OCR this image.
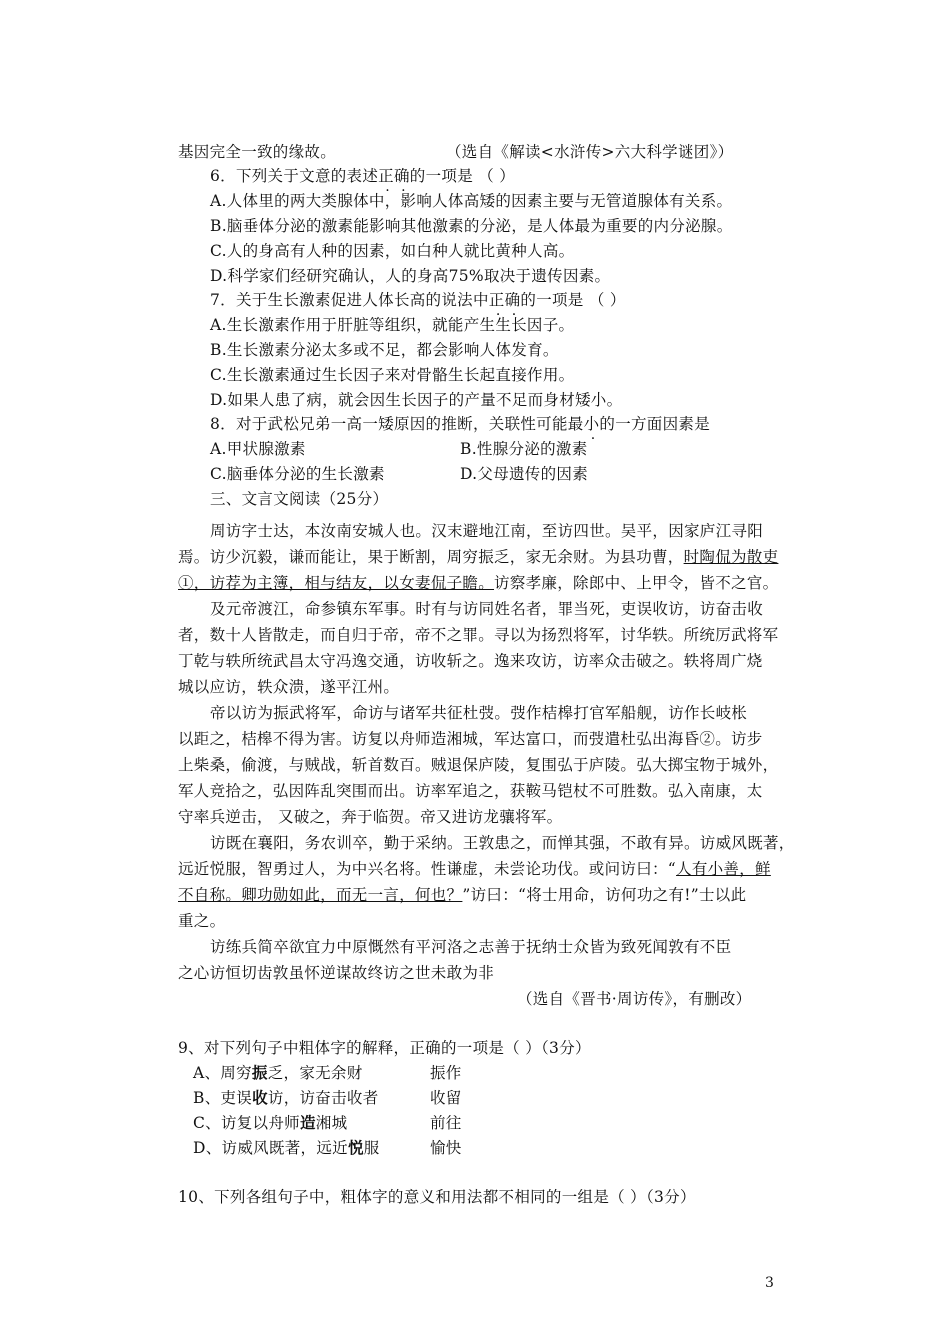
基因完全一致的缘故。	（选自《解读<水浒传>六大科学谜团》）
6．下列关于文意的表述正确的一项是 （ ）
A.人体里的两大类腺体中，影响人体高矮的因素主要与无管道腺体有关系。
B.脑垂体分泌的激素能影响其他激素的分泌，是人体最为重要的内分泌腺。
C.人的身高有人种的因素，如白种人就比黄种人高。
D.科学家们经研究确认，人的身高75%取决于遗传因素。
7．关于生长激素促进人体长高的说法中正确的一项是 （ ）
A.生长激素作用于肝脏等组织，就能产生生长因子。
B.生长激素分泌太多或不足，都会影响人体发育。
C.生长激素通过生长因子来对骨骼生长起直接作用。
D.如果人患了病，就会因生长因子的产量不足而身材矮小。
8．对于武松兄弟一高一矮原因的推断，关联性可能最小的一方面因素是
A.甲状腺激素	B.性腺分泌的激素
C.脑垂体分泌的生长激素	D.父母遗传的因素
三、文言文阅读（25分）
周访字士达，本汝南安城人也。汉末避地江南，至访四世。吴平，因家庐江寻阳
焉。访少沉毅，谦而能让，果于断割，周穷振乏，家无余财。为县功曹，时陶侃为散吏
①，访荐为主簿，相与结友，以女妻侃子瞻。访察孝廉，除郎中、上甲令，皆不之官。
及元帝渡江，命参镇东军事。时有与访同姓名者，罪当死，吏误收访，访奋击收
者，数十人皆散走，而自归于帝，帝不之罪。寻以为扬烈将军，讨华轶。所统厉武将军
丁乾与轶所统武昌太守冯逸交通，访收斩之。逸来攻访，访率众击破之。轶将周广烧
城以应访，轶众溃，遂平江州。
帝以访为振武将军，命访与诸军共征杜弢。弢作桔槔打官军船舰，访作长岐枨
以距之，桔槔不得为害。访复以舟师造湘城，军达富口，而弢遣杜弘出海昏②。访步
上柴桑，偷渡，与贼战，斩首数百。贼退保庐陵，复围弘于庐陵。弘大掷宝物于城外，
军人竞拾之，弘因阵乱突围而出。访率军追之，获鞍马铠杖不可胜数。弘入南康，太
守率兵逆击， 又破之，奔于临贺。帝又进访龙骧将军。
访既在襄阳，务农训卒，勤于采纳。王敦患之，而惮其强，不敢有异。访威风既著，
远近悦服，智勇过人，为中兴名将。性谦虚，未尝论功伐。或问访曰：“人有小善，鲜
不自称。卿功勋如此，而无一言，何也？”访曰：“将士用命，访何功之有!”士以此
重之。
访练兵简卒欲宜力中原慨然有平河洛之志善于抚纳士众皆为致死闻敦有不臣
之心访恒切齿敦虽怀逆谋故终访之世未敢为非
（选自《晋书·周访传》，有删改）
9、对下列句子中粗体字的解释，正确的一项是（ ）（3分）
A、周穷振乏，家无余财	振作
B、吏误收访，访奋击收者	收留
C、访复以舟师造湘城	前往
D、访威风既著，远近悦服	愉快
10、下列各组句子中，粗体字的意义和用法都不相同的一组是（ ）（3分）
3
